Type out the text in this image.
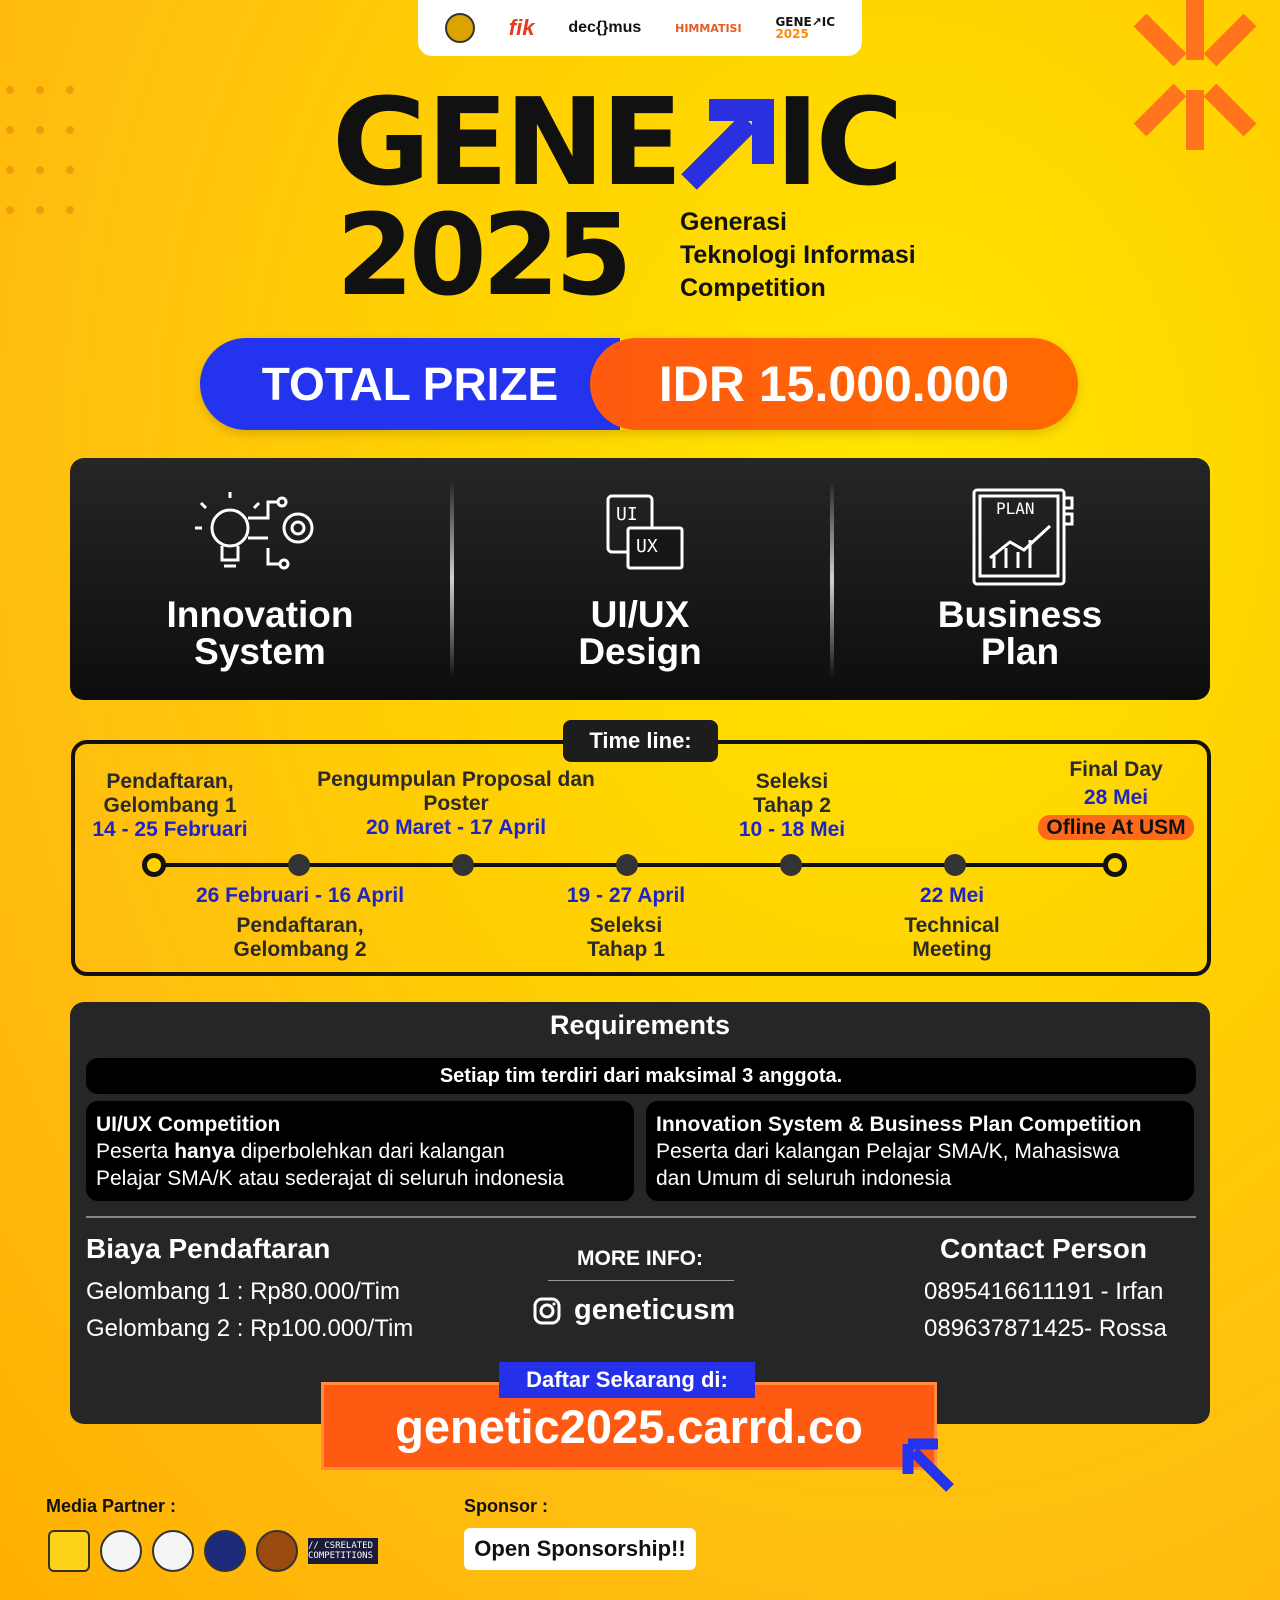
fik dec{}mus	HIMMATISI	GENE↗IC
2025
GENE IC
2025 Generasi
Teknologi Informasi
Competition
TOTAL PRIZE	IDR 15.000.000
Innovation
System
UI
UX
UI/UX
Design
PLAN
Business
Plan
Time line:
Pendaftaran,
Gelombang 1
14 - 25 Februari
Pengumpulan Proposal dan
Poster
20 Maret - 17 April
Seleksi
Tahap 2
10 - 18 Mei
Final Day
28 Mei
Ofline At USM
26 Februari - 16 April
Pendaftaran,
Gelombang 2
19 - 27 April
Seleksi
Tahap 1
22 Mei
Technical
Meeting
Requirements
Setiap tim terdiri dari maksimal 3 anggota.
UI/UX Competition
Peserta hanya diperbolehkan dari kalangan
Pelajar SMA/K atau sederajat di seluruh indonesia
Innovation System & Business Plan Competition
Peserta dari kalangan Pelajar SMA/K, Mahasiswa
dan Umum di seluruh indonesia
Biaya Pendaftaran
Gelombang 1 : Rp80.000/Tim
Gelombang 2 : Rp100.000/Tim
MORE INFO:
geneticusm
Contact Person
0895416611191 - Irfan
089637871425- Rossa
genetic2025.carrd.co
Daftar Sekarang di:
Media Partner :
// CSRELATED COMPETITIONS
Sponsor :
Open Sponsorship!!
